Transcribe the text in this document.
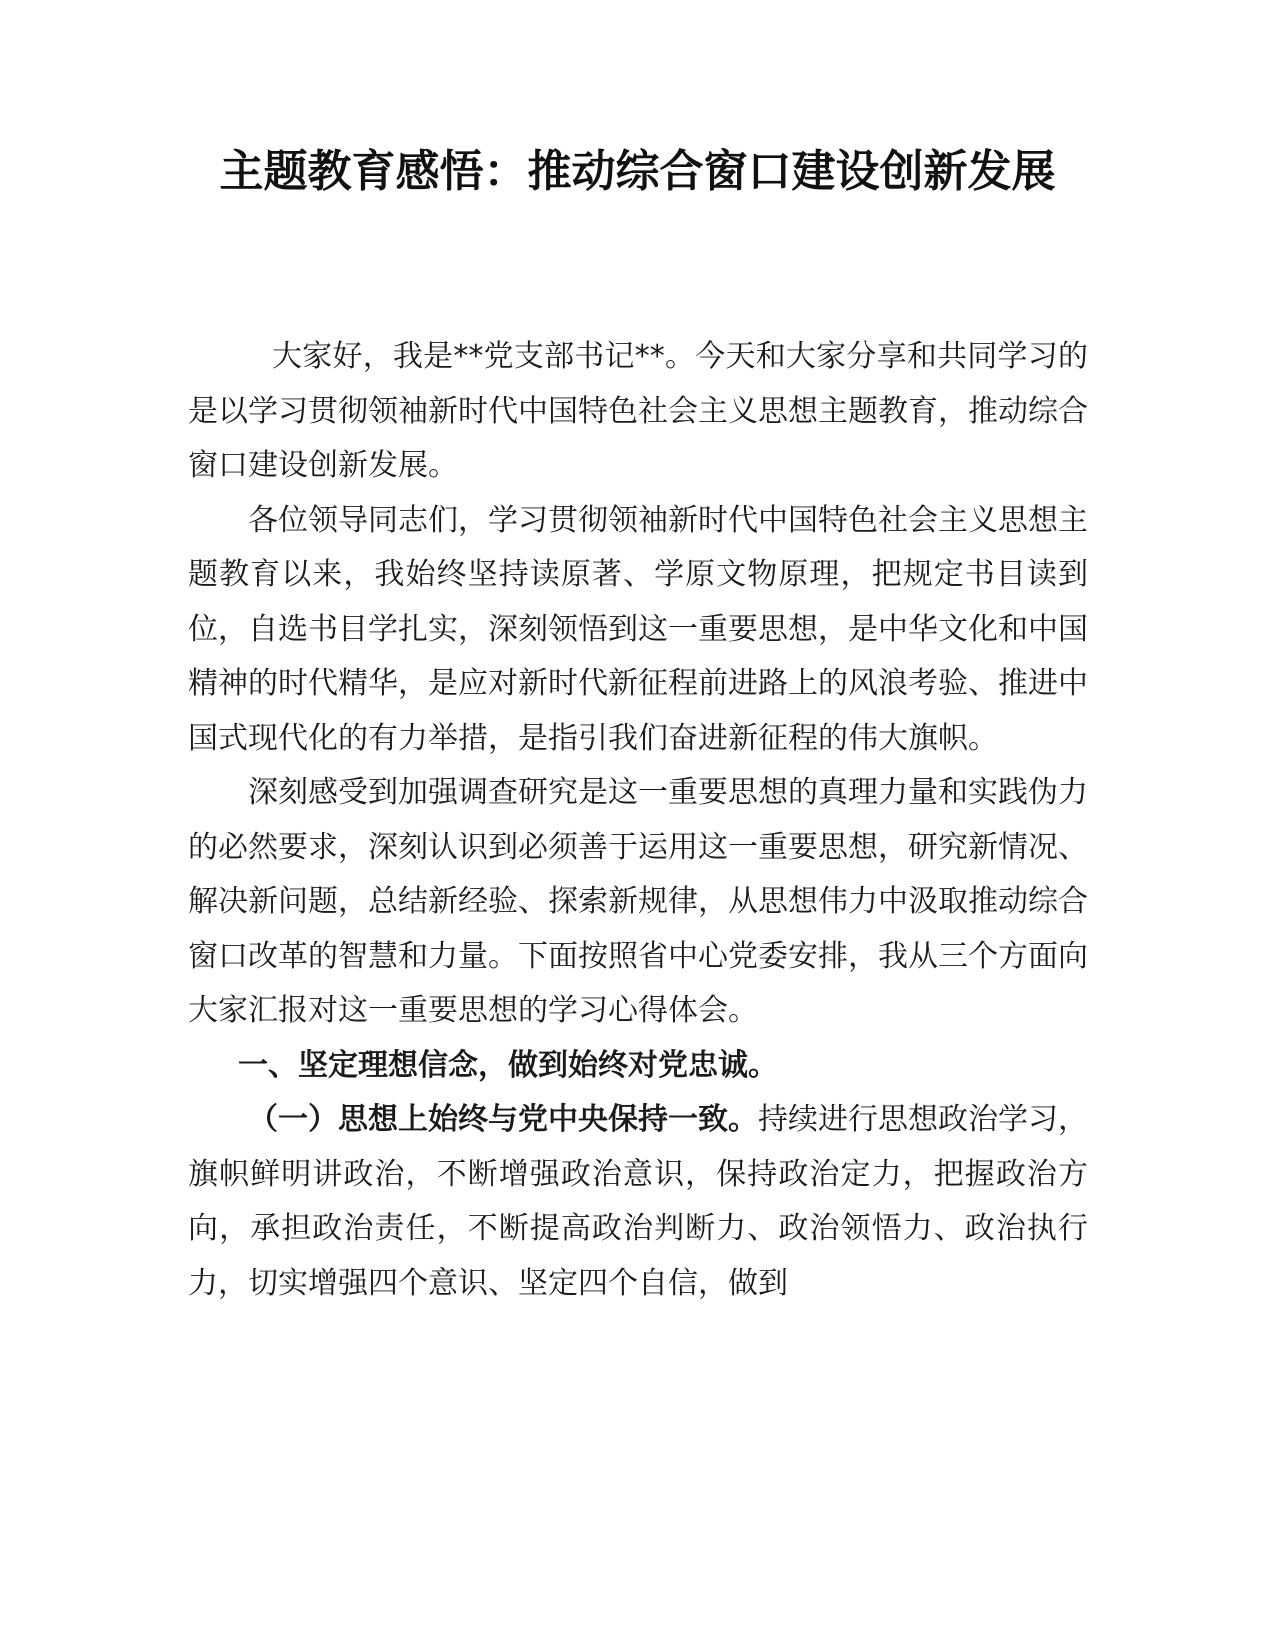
主题教育感悟：推动综合窗口建设创新发展

大家好，我是**党支部书记**。今天和大家分享和共同学习的是以学习贯彻领袖新时代中国特色社会主义思想主题教育，推动综合窗口建设创新发展。

各位领导同志们，学习贯彻领袖新时代中国特色社会主义思想主题教育以来，我始终坚持读原著、学原文物原理，把规定书目读到位，自选书目学扎实，深刻领悟到这一重要思想，是中华文化和中国精神的时代精华，是应对新时代新征程前进路上的风浪考验、推进中国式现代化的有力举措，是指引我们奋进新征程的伟大旗帜。

深刻感受到加强调查研究是这一重要思想的真理力量和实践伪力的必然要求，深刻认识到必须善于运用这一重要思想，研究新情况、解决新问题，总结新经验、探索新规律，从思想伟力中汲取推动综合窗口改革的智慧和力量。下面按照省中心党委安排，我从三个方面向大家汇报对这一重要思想的学习心得体会。

一、坚定理想信念，做到始终对党忠诚。

（一）思想上始终与党中央保持一致。持续进行思想政治学习，旗帜鲜明讲政治，不断增强政治意识，保持政治定力，把握政治方向，承担政治责任，不断提高政治判断力、政治领悟力、政治执行力，切实增强四个意识、坚定四个自信，做到
